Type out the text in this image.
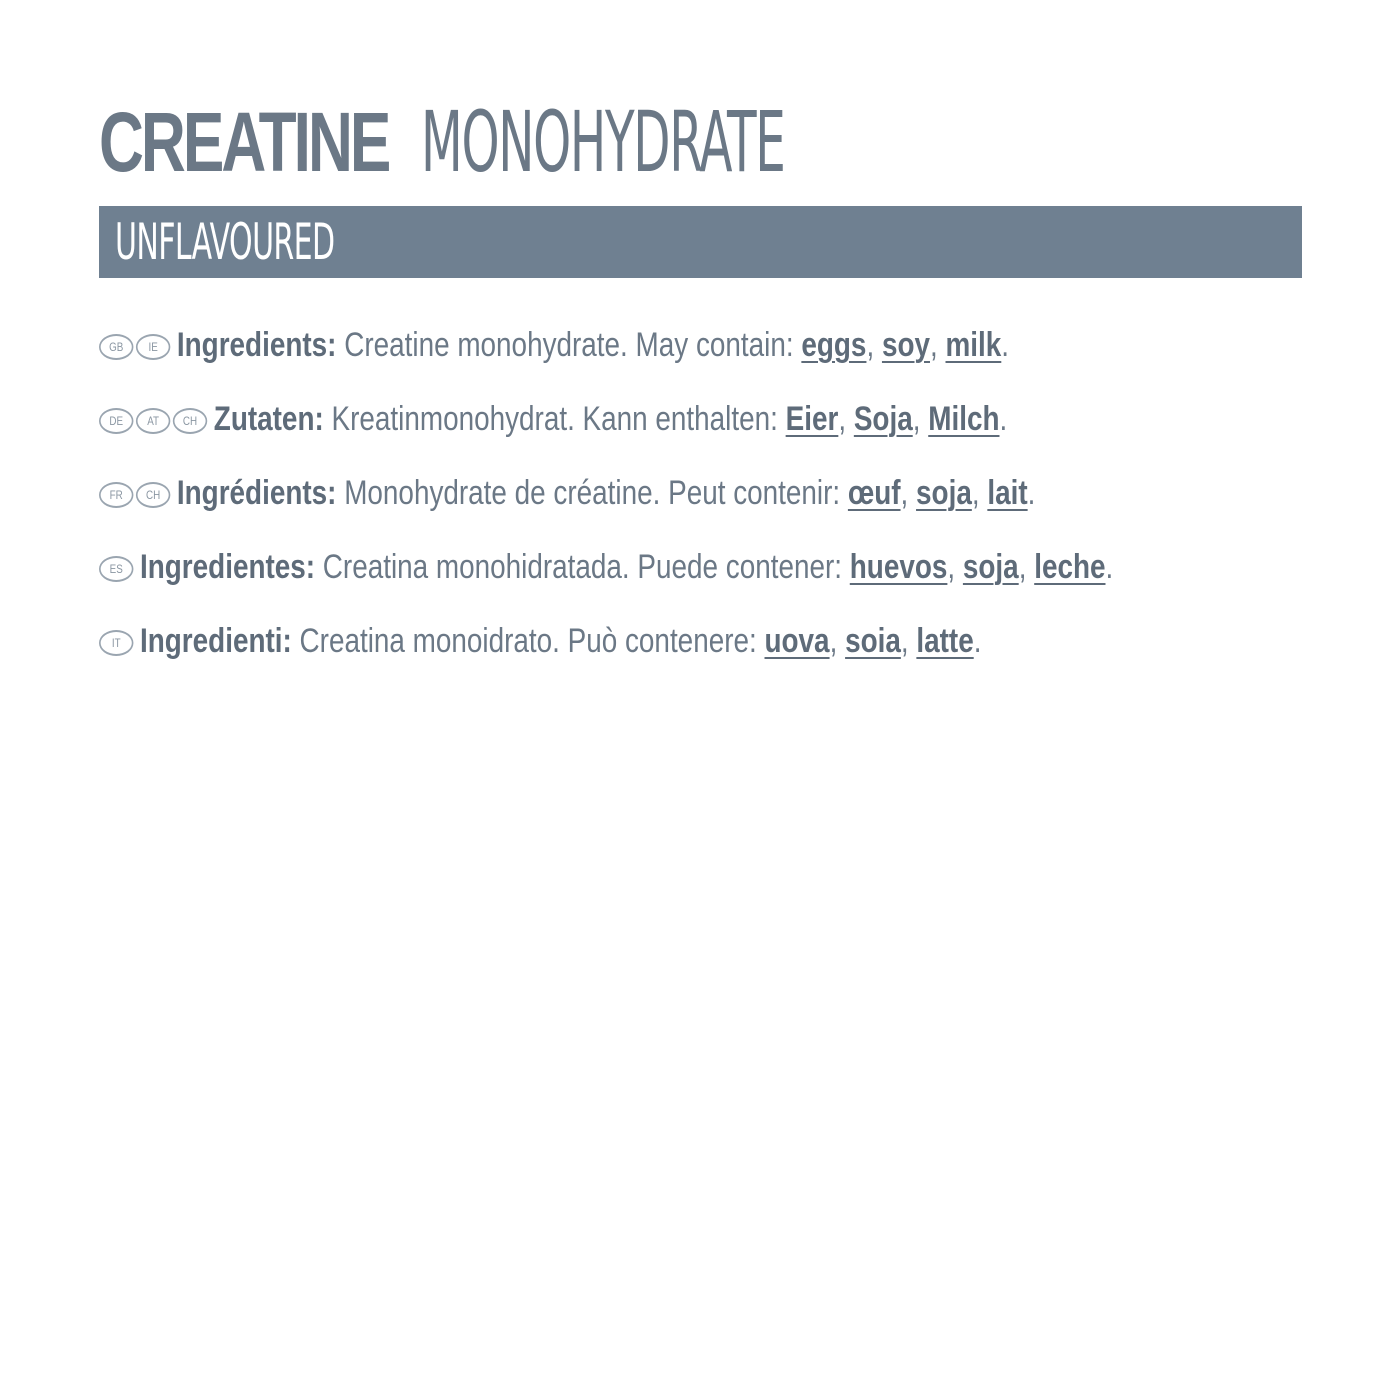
CREATINE MONOHYDRATE
UNFLAVOURED
GB	IE Ingredients: Creatine monohydrate. May contain: eggs, soy, milk.
DE	AT	CH Zutaten: Kreatinmonohydrat. Kann enthalten: Eier, Soja, Milch.
FR	CH Ingrédients: Monohydrate de créatine. Peut contenir: œuf, soja, lait.
ES Ingredientes: Creatina monohidratada. Puede contener: huevos, soja, leche.
IT Ingredienti: Creatina monoidrato. Può contenere: uova, soia, latte.
